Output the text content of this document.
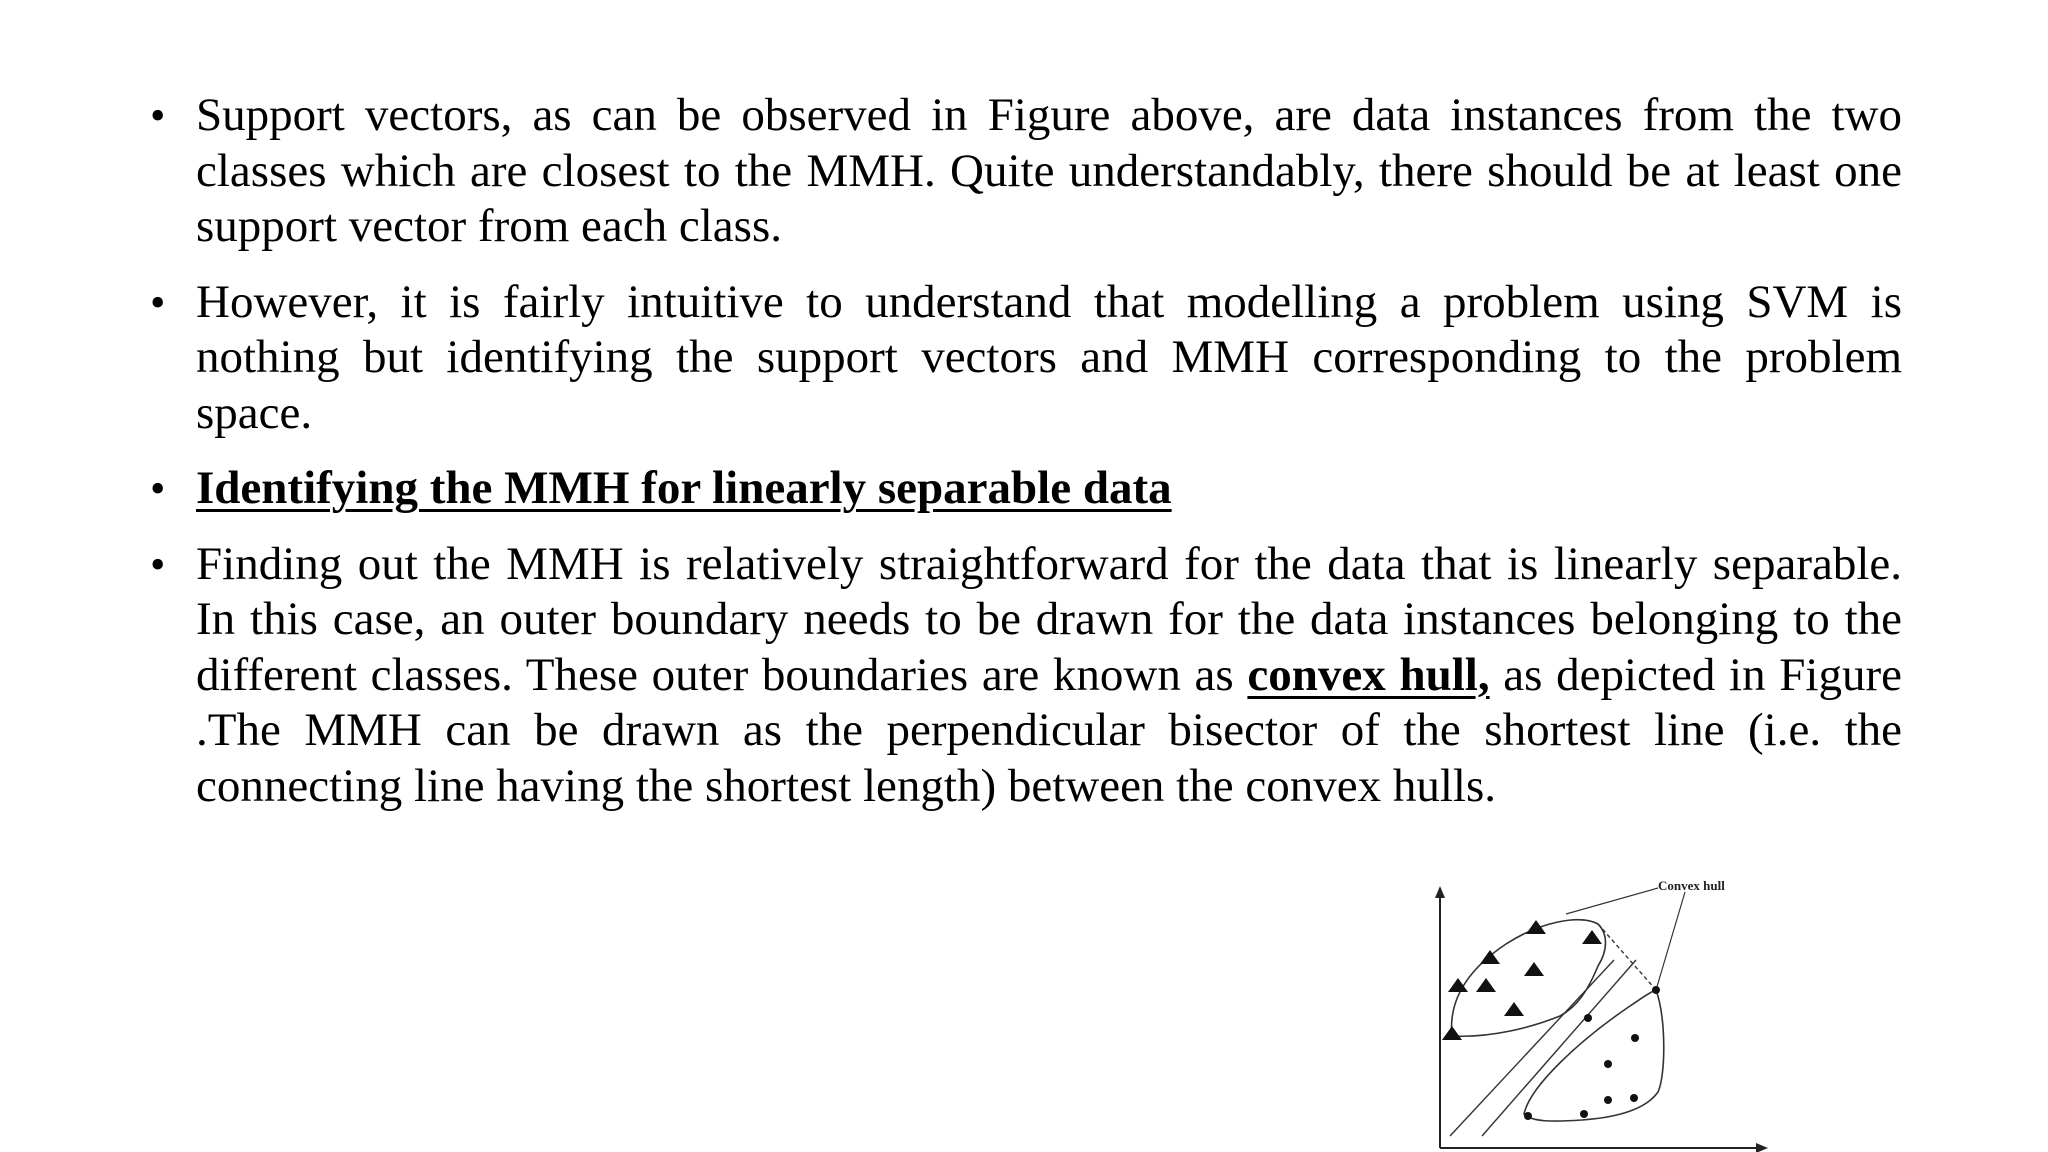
• Support vectors, as can be observed in Figure above, are data instances from the two classes which are closest to the MMH. Quite understandably, there should be at least one support vector from each class.
• However, it is fairly intuitive to understand that modelling a problem using SVM is nothing but identifying the support vectors and MMH corresponding to the problem space.
• Identifying the MMH for linearly separable data
• Finding out the MMH is relatively straightforward for the data that is linearly separable. In this case, an outer boundary needs to be drawn for the data instances belonging to the different classes. These outer boundaries are known as convex hull, as depicted in Figure .The MMH can be drawn as the perpendicular bisector of the shortest line (i.e. the connecting line having the shortest length) between the convex hulls.
Convex hull
